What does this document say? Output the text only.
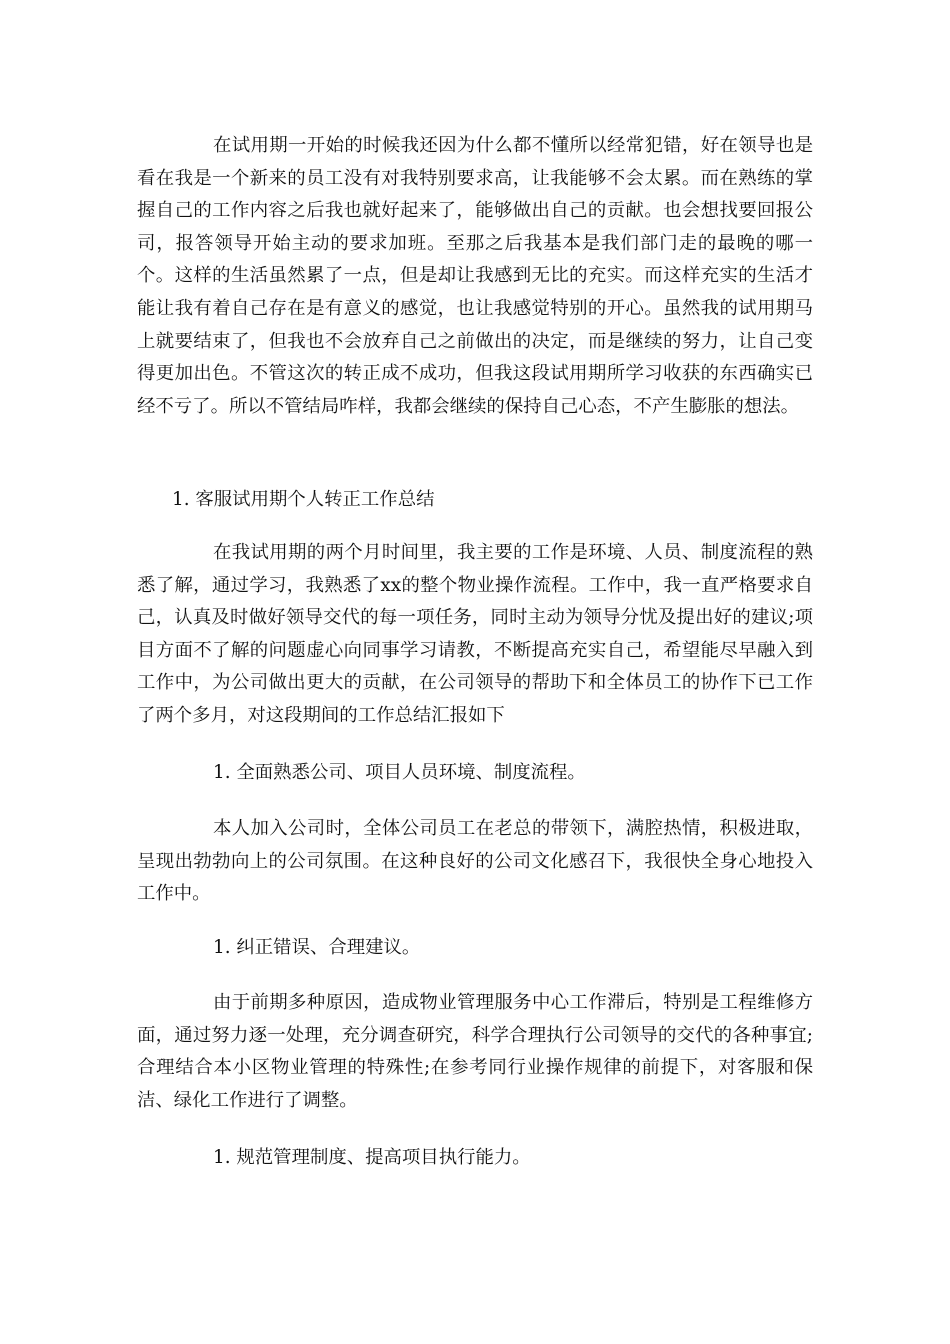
在试用期一开始的时候我还因为什么都不懂所以经常犯错，好在领导也是看在我是一个新来的员工没有对我特别要求高，让我能够不会太累。而在熟练的掌握自己的工作内容之后我也就好起来了，能够做出自己的贡献。也会想找要回报公司，报答领导开始主动的要求加班。至那之后我基本是我们部门走的最晚的哪一个。这样的生活虽然累了一点，但是却让我感到无比的充实。而这样充实的生活才能让我有着自己存在是有意义的感觉，也让我感觉特别的开心。虽然我的试用期马上就要结束了，但我也不会放弃自己之前做出的决定，而是继续的努力，让自己变得更加出色。不管这次的转正成不成功，但我这段试用期所学习收获的东西确实已经不亏了。所以不管结局咋样，我都会继续的保持自己心态，不产生膨胀的想法。

1. 客服试用期个人转正工作总结

在我试用期的两个月时间里，我主要的工作是环境、人员、制度流程的熟悉了解，通过学习，我熟悉了xx的整个物业操作流程。工作中，我一直严格要求自己，认真及时做好领导交代的每一项任务，同时主动为领导分忧及提出好的建议;项目方面不了解的问题虚心向同事学习请教，不断提高充实自己，希望能尽早融入到工作中，为公司做出更大的贡献，在公司领导的帮助下和全体员工的协作下已工作了两个多月，对这段期间的工作总结汇报如下

1. 全面熟悉公司、项目人员环境、制度流程。

本人加入公司时，全体公司员工在老总的带领下，满腔热情，积极进取，呈现出勃勃向上的公司氛围。在这种良好的公司文化感召下，我很快全身心地投入工作中。

1. 纠正错误、合理建议。

由于前期多种原因，造成物业管理服务中心工作滞后，特别是工程维修方面，通过努力逐一处理，充分调查研究，科学合理执行公司领导的交代的各种事宜;合理结合本小区物业管理的特殊性;在参考同行业操作规律的前提下，对客服和保洁、绿化工作进行了调整。

1. 规范管理制度、提高项目执行能力。
